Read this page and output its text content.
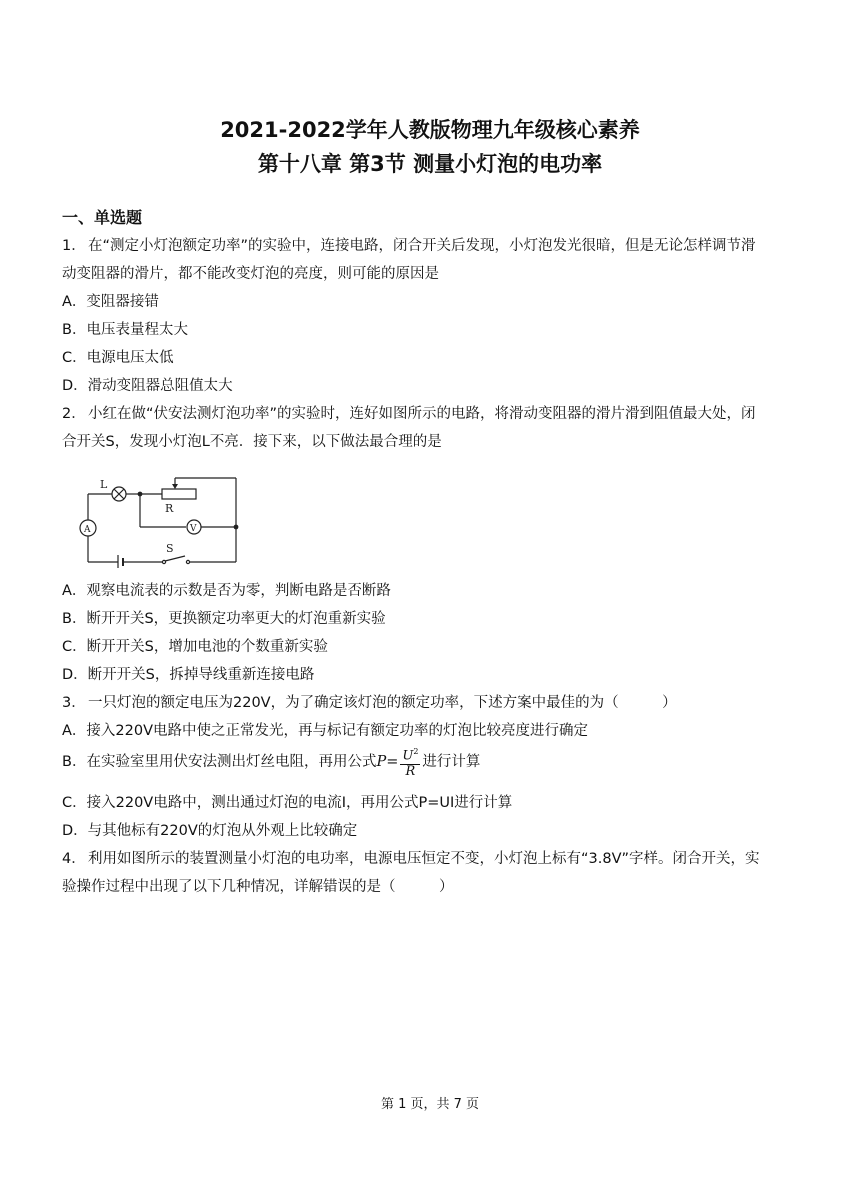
2021-2022学年人教版物理九年级核心素养
第十八章 第3节 测量小灯泡的电功率
一、单选题
1． 在“测定小灯泡额定功率”的实验中，连接电路，闭合开关后发现，小灯泡发光很暗，但是无论怎样调节滑
动变阻器的滑片，都不能改变灯泡的亮度，则可能的原因是
A．变阻器接错
B．电压表量程太大
C．电源电压太低
D．滑动变阻器总阻值太大
2． 小红在做“伏安法测灯泡功率”的实验时，连好如图所示的电路，将滑动变阻器的滑片滑到阻值最大处，闭
合开关S，发现小灯泡L不亮．接下来，以下做法最合理的是
L
R
A	V
S
A．观察电流表的示数是否为零，判断电路是否断路
B．断开开关S，更换额定功率更大的灯泡重新实验
C．断开开关S，增加电池的个数重新实验
D．断开开关S，拆掉导线重新连接电路
3． 一只灯泡的额定电压为220V，为了确定该灯泡的额定功率，下述方案中最佳的为（　　　）
A．接入220V电路中使之正常发光，再与标记有额定功率的灯泡比较亮度进行确定
B．在实验室里用伏安法测出灯丝电阻，再用公式$P= \frac{U^2}{R}$ 进行计算
C．接入220V电路中，测出通过灯泡的电流I，再用公式P=UI进行计算
D．与其他标有220V的灯泡从外观上比较确定
4． 利用如图所示的装置测量小灯泡的电功率，电源电压恒定不变，小灯泡上标有“3.8V”字样。闭合开关，实
验操作过程中出现了以下几种情况，详解错误的是（　　　）
第 1 页，共 7 页
